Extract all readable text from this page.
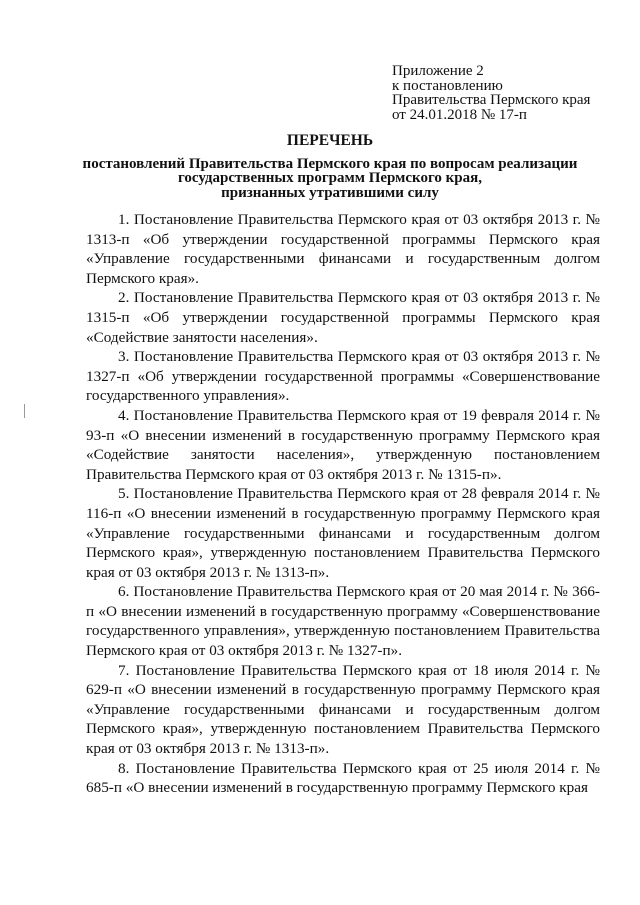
Приложение 2
к постановлению
Правительства Пермского края
от 24.01.2018 № 17-п
ПЕРЕЧЕНЬ
постановлений Правительства Пермского края по вопросам реализации
государственных программ Пермского края,
признанных утратившими силу

1. Постановление Правительства Пермского края от 03 октября 2013 г. № 1313-п «Об утверждении государственной программы Пермского края «Управление государственными финансами и государственным долгом Пермского края».

2. Постановление Правительства Пермского края от 03 октября 2013 г. № 1315-п «Об утверждении государственной программы Пермского края «Содействие занятости населения».

3. Постановление Правительства Пермского края от 03 октября 2013 г. № 1327-п «Об утверждении государственной программы «Совершенствование государственного управления».

4. Постановление Правительства Пермского края от 19 февраля 2014 г. № 93-п «О внесении изменений в государственную программу Пермского края «Содействие занятости населения», утвержденную постановлением Правительства Пермского края от 03 октября 2013 г. № 1315-п».

5. Постановление Правительства Пермского края от 28 февраля 2014 г. № 116-п «О внесении изменений в государственную программу Пермского края «Управление государственными финансами и государственным долгом Пермского края», утвержденную постановлением Правительства Пермского края от 03 октября 2013 г. № 1313-п».

6. Постановление Правительства Пермского края от 20 мая 2014 г. № 366-п «О внесении изменений в государственную программу «Совершенствование государственного управления», утвержденную постановлением Правительства Пермского края от 03 октября 2013 г. № 1327-п».

7. Постановление Правительства Пермского края от 18 июля 2014 г. № 629-п «О внесении изменений в государственную программу Пермского края «Управление государственными финансами и государственным долгом Пермского края», утвержденную постановлением Правительства Пермского края от 03 октября 2013 г. № 1313-п».

8. Постановление Правительства Пермского края от 25 июля 2014 г. № 685-п «О внесении изменений в государственную программу Пермского края
